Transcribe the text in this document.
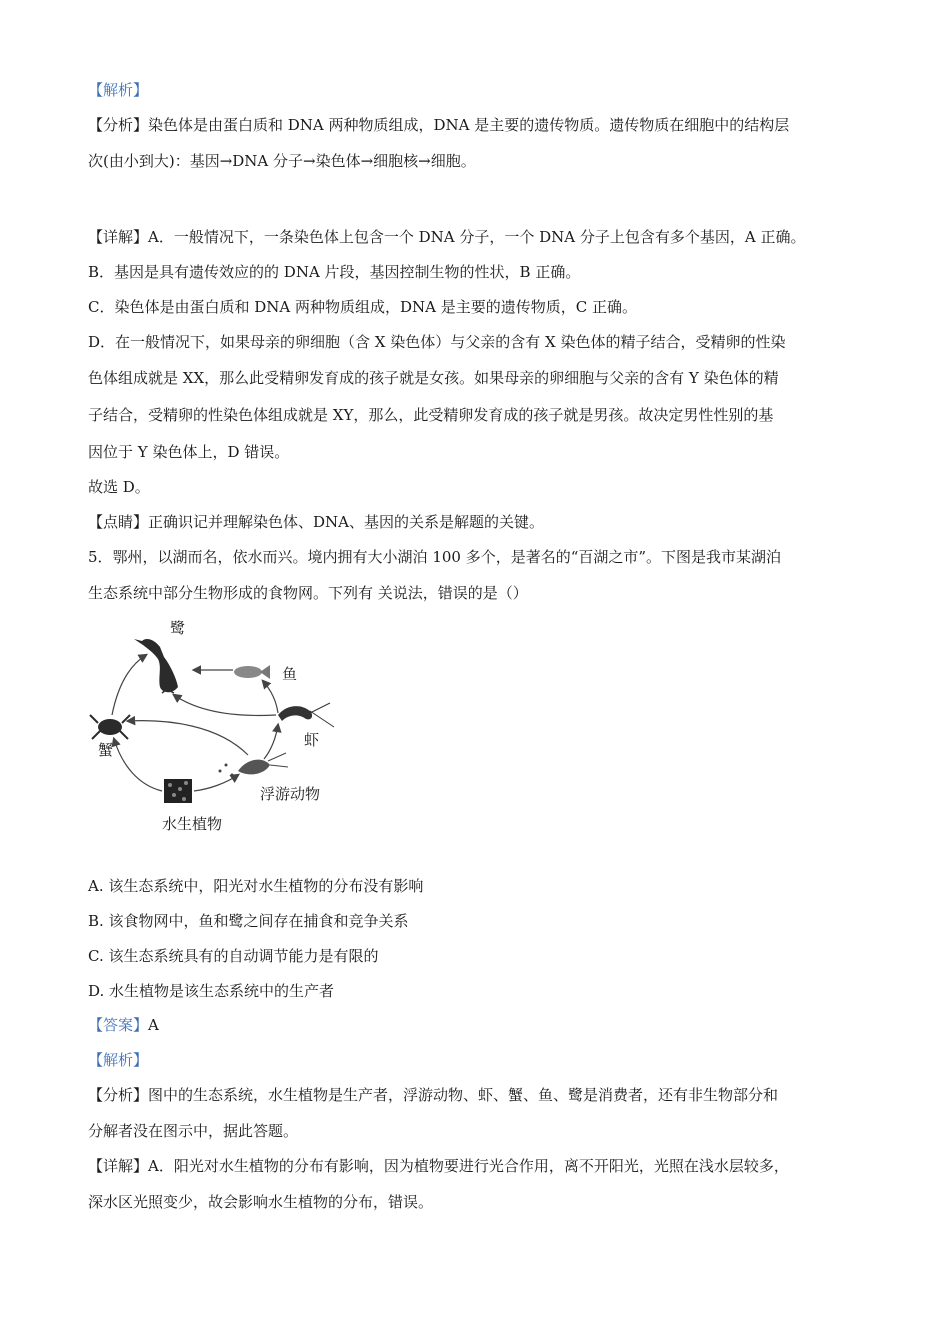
【解析】
【分析】染色体是由蛋白质和 DNA 两种物质组成，DNA 是主要的遗传物质。遗传物质在细胞中的结构层
次(由小到大)：基因→DNA 分子→染色体→细胞核→细胞。
【详解】A．一般情况下，一条染色体上包含一个 DNA 分子，一个 DNA 分子上包含有多个基因，A 正确。
B．基因是具有遗传效应的的 DNA 片段，基因控制生物的性状，B 正确。
C．染色体是由蛋白质和 DNA 两种物质组成，DNA 是主要的遗传物质，C 正确。
D．在一般情况下，如果母亲的卵细胞（含 X 染色体）与父亲的含有 X 染色体的精子结合，受精卵的性染
色体组成就是 XX，那么此受精卵发育成的孩子就是女孩。如果母亲的卵细胞与父亲的含有 Y 染色体的精
子结合，受精卵的性染色体组成就是 XY，那么，此受精卵发育成的孩子就是男孩。故决定男性性别的基
因位于 Y 染色体上，D 错误。
故选 D。
【点睛】正确识记并理解染色体、DNA、基因的关系是解题的关键。
5．鄂州，以湖而名，依水而兴。境内拥有大小湖泊 100 多个，是著名的“百湖之市”。下图是我市某湖泊
生态系统中部分生物形成的食物网。下列有 关说法，错误的是（）
鹭
鱼
虾
蟹
浮游动物
水生植物
A. 该生态系统中，阳光对水生植物的分布没有影响
B. 该食物网中，鱼和鹭之间存在捕食和竞争关系
C. 该生态系统具有的自动调节能力是有限的
D. 水生植物是该生态系统中的生产者
【答案】A
【解析】
【分析】图中的生态系统，水生植物是生产者，浮游动物、虾、蟹、鱼、鹭是消费者，还有非生物部分和
分解者没在图示中，据此答题。
【详解】A．阳光对水生植物的分布有影响，因为植物要进行光合作用，离不开阳光，光照在浅水层较多，
深水区光照变少，故会影响水生植物的分布，错误。
